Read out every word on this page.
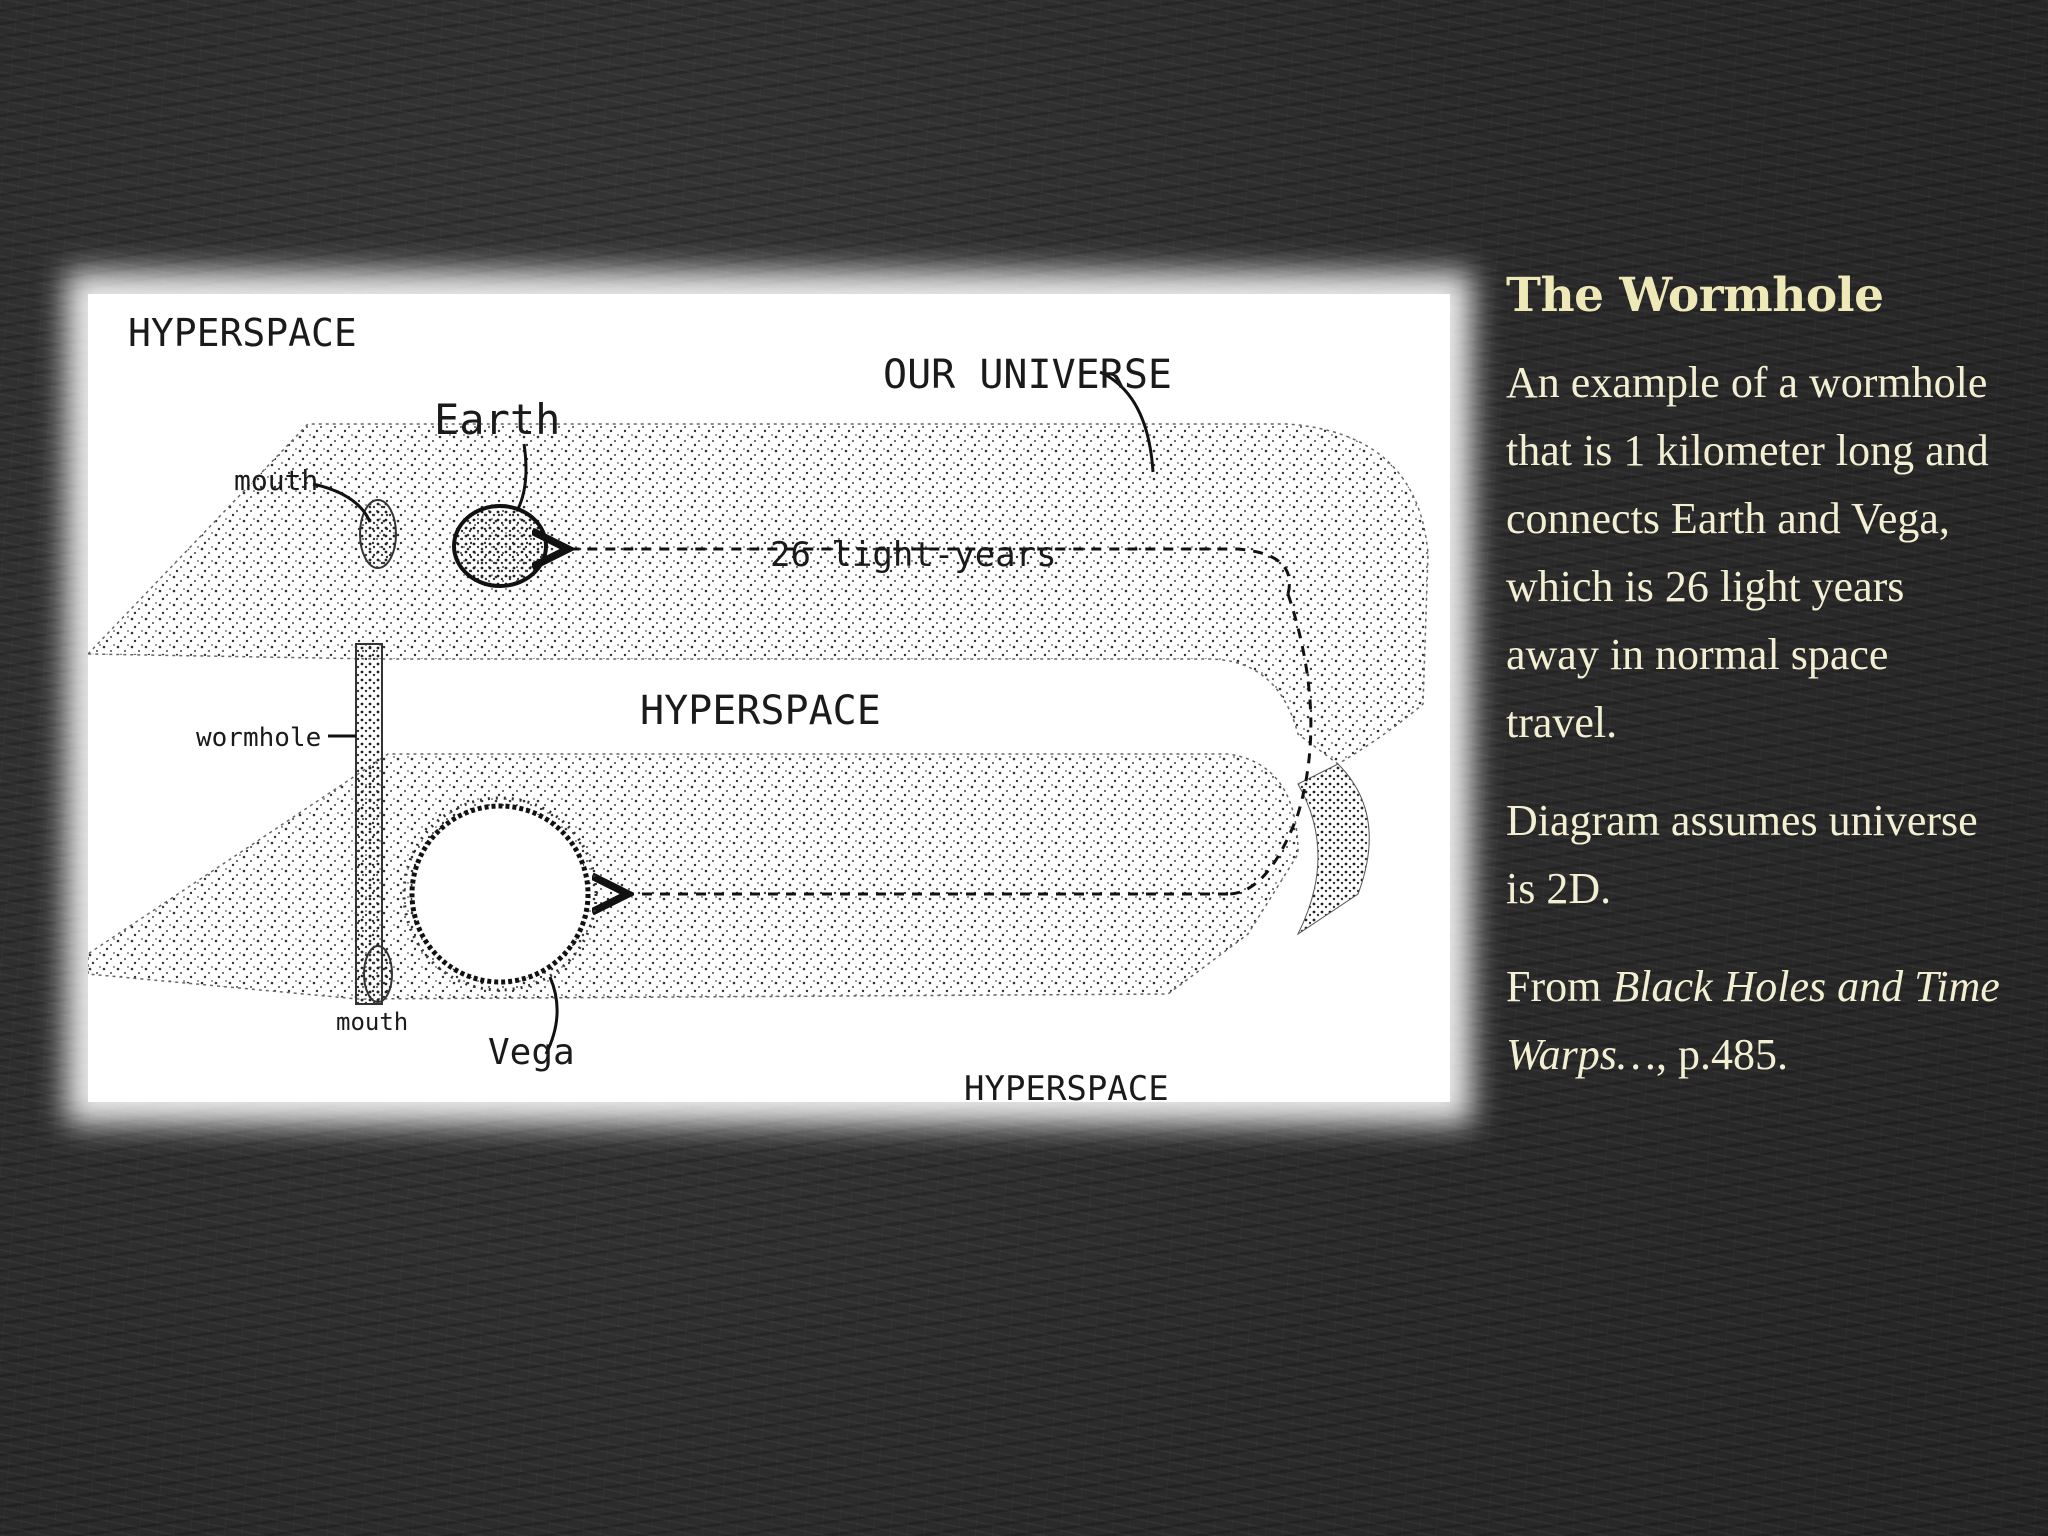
HYPERSPACE
OUR UNIVERSE
Earth
mouth
26 light-years
HYPERSPACE
wormhole
mouth
Vega
HYPERSPACE
The Wormhole

An example of a wormhole that is 1 kilometer long and connects Earth and Vega, which is 26 light years away in normal space travel.

Diagram assumes universe is 2D.

From Black Holes and Time Warps…, p.485.
